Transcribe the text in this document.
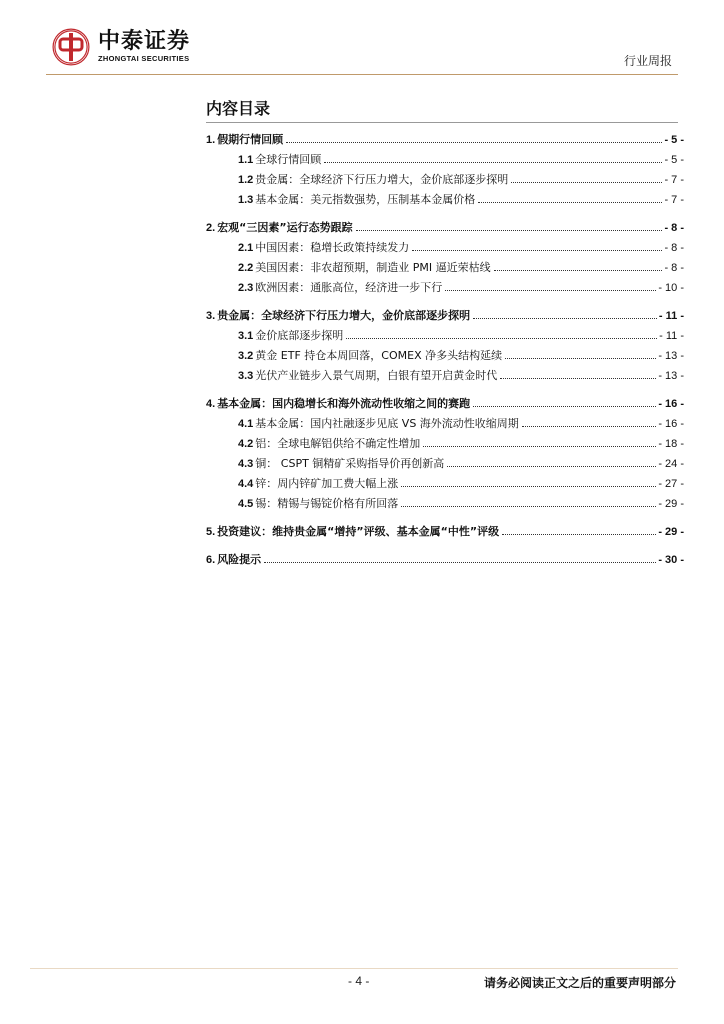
中泰证券
ZHONGTAI SECURITIES	行业周报
内容目录
1. 假期行情回顾	- 5 -
1.1 全球行情回顾	- 5 -
1.2 贵金属：全球经济下行压力增大，金价底部逐步探明	- 7 -
1.3 基本金属：美元指数强势，压制基本金属价格	- 7 -
2. 宏观“三因素”运行态势跟踪	- 8 -
2.1 中国因素：稳增长政策持续发力	- 8 -
2.2 美国因素：非农超预期，制造业 PMI 逼近荣枯线	- 8 -
2.3 欧洲因素：通胀高位，经济进一步下行	- 10 -
3. 贵金属：全球经济下行压力增大，金价底部逐步探明	- 11 -
3.1 金价底部逐步探明	- 11 -
3.2 黄金 ETF 持仓本周回落，COMEX 净多头结构延续	- 13 -
3.3 光伏产业链步入景气周期，白银有望开启黄金时代	- 13 -
4. 基本金属：国内稳增长和海外流动性收缩之间的赛跑	- 16 -
4.1 基本金属：国内社融逐步见底 VS 海外流动性收缩周期	- 16 -
4.2 铝：全球电解铝供给不确定性增加	- 18 -
4.3 铜： CSPT 铜精矿采购指导价再创新高	- 24 -
4.4 锌：周内锌矿加工费大幅上涨	- 27 -
4.5 锡：精锡与锡锭价格有所回落	- 29 -
5. 投资建议：维持贵金属“增持”评级、基本金属“中性”评级	- 29 -
6. 风险提示	- 30 -
- 4 -	请务必阅读正文之后的重要声明部分
